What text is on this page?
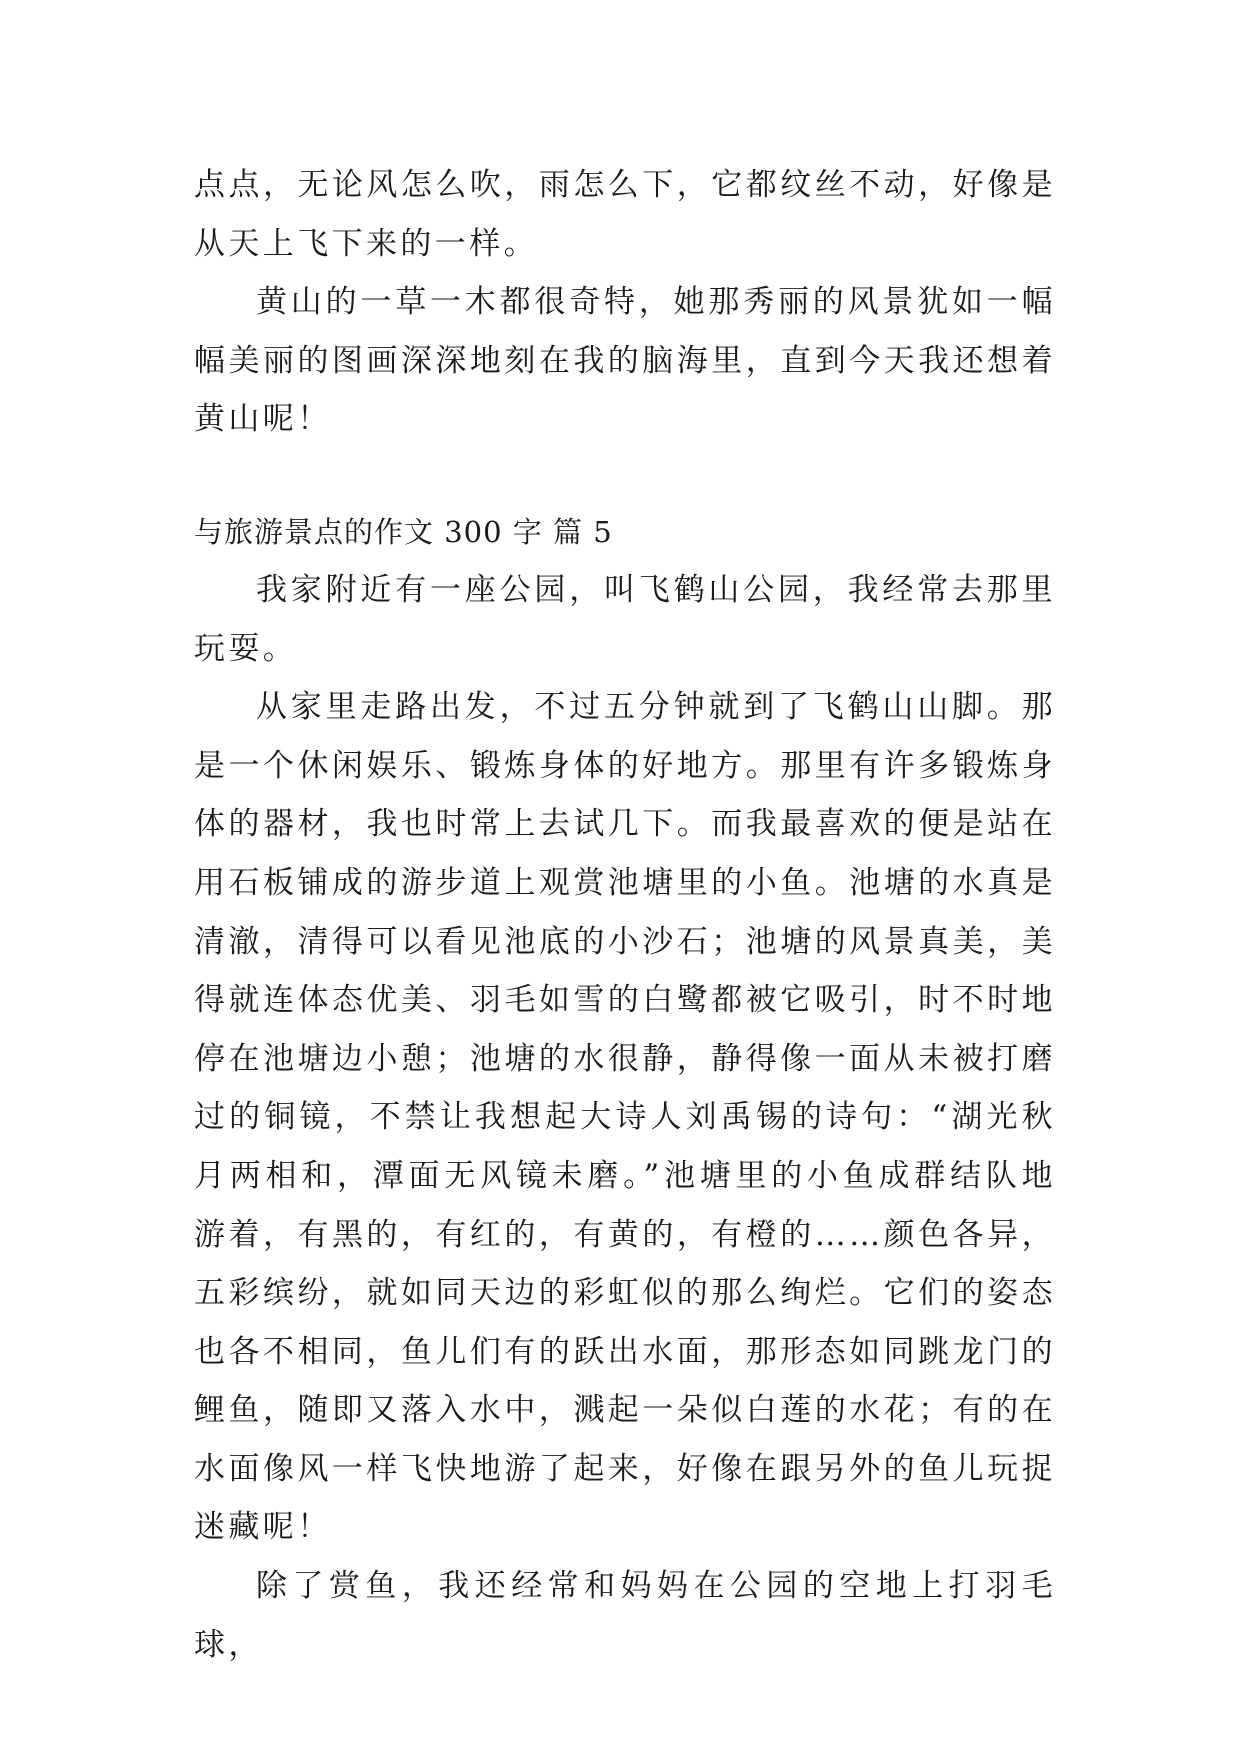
点点，无论风怎么吹，雨怎么下，它都纹丝不动，好像是从天上飞下来的一样。

黄山的一草一木都很奇特，她那秀丽的风景犹如一幅幅美丽的图画深深地刻在我的脑海里，直到今天我还想着黄山呢！

与旅游景点的作文 300 字 篇 5

我家附近有一座公园，叫飞鹤山公园，我经常去那里玩耍。

从家里走路出发，不过五分钟就到了飞鹤山山脚。那是一个休闲娱乐、锻炼身体的好地方。那里有许多锻炼身体的器材，我也时常上去试几下。而我最喜欢的便是站在用石板铺成的游步道上观赏池塘里的小鱼。池塘的水真是清澈，清得可以看见池底的小沙石；池塘的风景真美，美得就连体态优美、羽毛如雪的白鹭都被它吸引，时不时地停在池塘边小憩；池塘的水很静，静得像一面从未被打磨过的铜镜，不禁让我想起大诗人刘禹锡的诗句：“湖光秋月两相和，潭面无风镜未磨。”池塘里的小鱼成群结队地游着，有黑的，有红的，有黄的，有橙的……颜色各异，五彩缤纷，就如同天边的彩虹似的那么绚烂。它们的姿态也各不相同，鱼儿们有的跃出水面，那形态如同跳龙门的鲤鱼，随即又落入水中，溅起一朵似白莲的水花；有的在水面像风一样飞快地游了起来，好像在跟另外的鱼儿玩捉迷藏呢！

除了赏鱼，我还经常和妈妈在公园的空地上打羽毛球，
